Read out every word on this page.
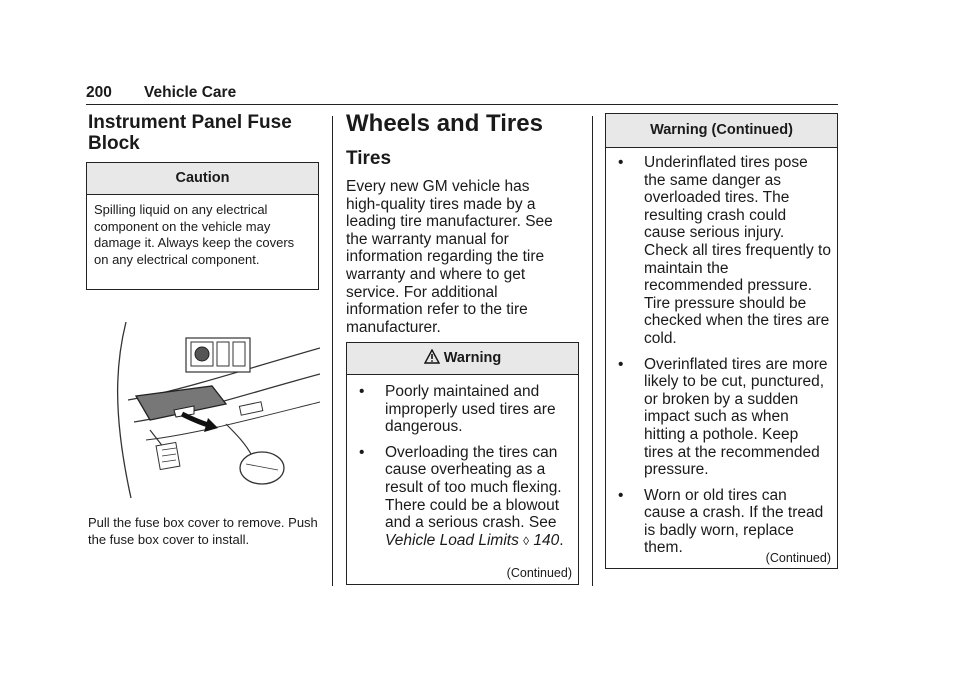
200 Vehicle Care
Instrument Panel Fuse Block
Caution
Spilling liquid on any electrical component on the vehicle may damage it. Always keep the covers on any electrical component.
Pull the fuse box cover to remove. Push the fuse box cover to install.
Wheels and Tires
Tires
Every new GM vehicle has high-quality tires made by a leading tire manufacturer. See the warranty manual for information regarding the tire warranty and where to get service. For additional information refer to the tire manufacturer.
Warning
• Poorly maintained and improperly used tires are dangerous.
• Overloading the tires can cause overheating as a result of too much flexing. There could be a blowout and a serious crash. See Vehicle Load Limits ◊ 140.
(Continued)
Warning (Continued)
• Underinflated tires pose the same danger as overloaded tires. The resulting crash could cause serious injury. Check all tires frequently to maintain the recommended pressure. Tire pressure should be checked when the tires are cold.
• Overinflated tires are more likely to be cut, punctured, or broken by a sudden impact such as when hitting a pothole. Keep tires at the recommended pressure.
• Worn or old tires can cause a crash. If the tread is badly worn, replace them.
(Continued)
